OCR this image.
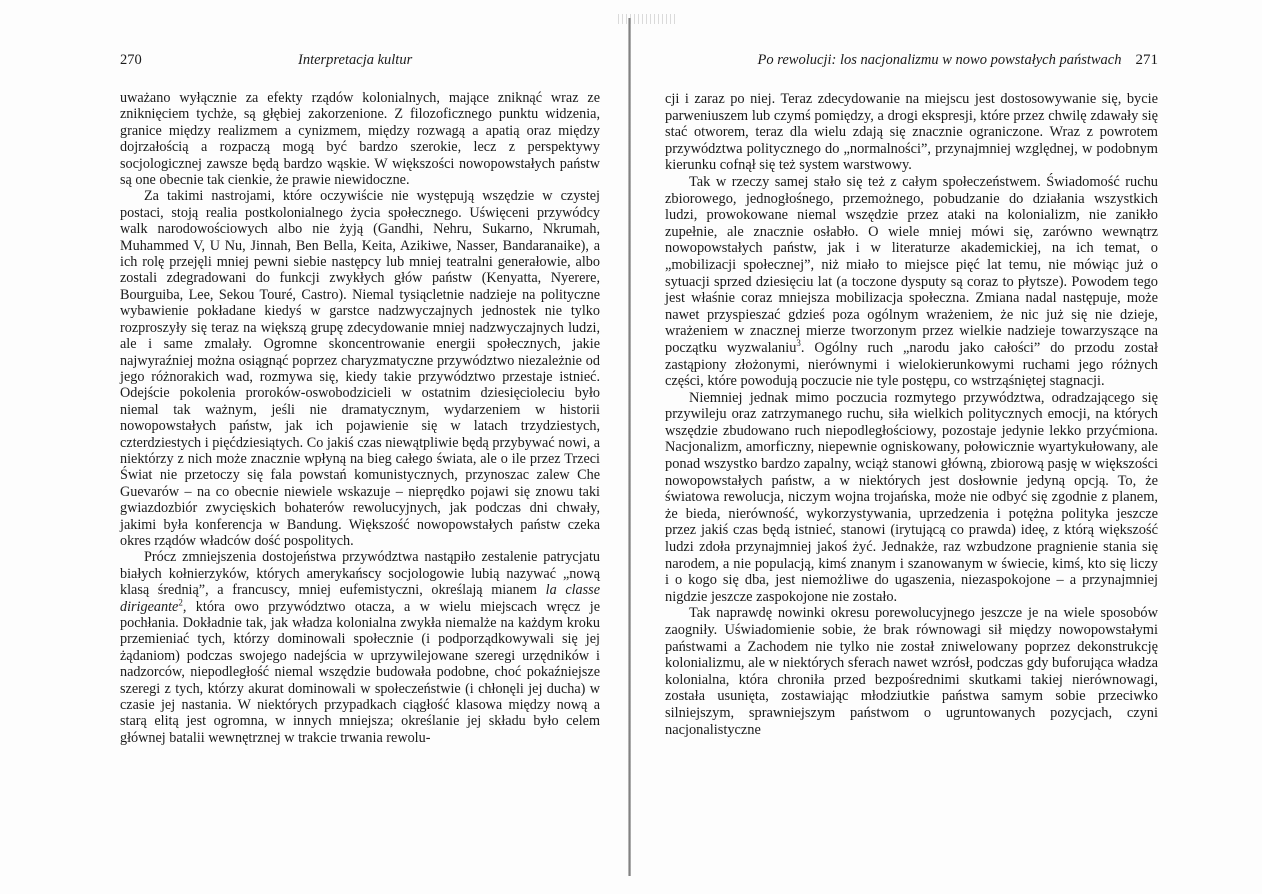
270	Interpretacja kultur

uważano wyłącznie za efekty rządów kolonialnych, mające zniknąć wraz ze zniknięciem tychże, są głębiej zakorzenione. Z filozoficznego punktu widzenia, granice między realizmem a cynizmem, między rozwagą a apatią oraz między dojrzałością a rozpaczą mogą być bardzo szerokie, lecz z perspektywy socjologicznej zawsze będą bardzo wąskie. W większości nowopowstałych państw są one obecnie tak cienkie, że prawie niewidoczne.

Za takimi nastrojami, które oczywiście nie występują wszędzie w czystej postaci, stoją realia postkolonialnego życia społecznego. Uświęceni przywódcy walk narodowościowych albo nie żyją (Gandhi, Nehru, Sukarno, Nkrumah, Muhammed V, U Nu, Jinnah, Ben Bella, Keita, Azikiwe, Nasser, Bandaranaike), a ich rolę przejęli mniej pewni siebie następcy lub mniej teatralni generałowie, albo zostali zdegradowani do funkcji zwykłych głów państw (Kenyatta, Nyerere, Bourguiba, Lee, Sekou Touré, Castro). Niemal tysiącletnie nadzieje na polityczne wybawienie pokładane kiedyś w garstce nadzwyczajnych jednostek nie tylko rozproszyły się teraz na większą grupę zdecydowanie mniej nadzwyczajnych ludzi, ale i same zmalały. Ogromne skoncentrowanie energii społecznych, jakie najwyraźniej można osiągnąć poprzez charyzmatyczne przywództwo niezależnie od jego różnorakich wad, rozmywa się, kiedy takie przywództwo przestaje istnieć. Odejście pokolenia proroków-oswobodzicieli w ostatnim dziesięcioleciu było niemal tak ważnym, jeśli nie dramatycznym, wydarzeniem w historii nowopowstałych państw, jak ich pojawienie się w latach trzydziestych, czterdziestych i pięćdziesiątych. Co jakiś czas niewątpliwie będą przybywać nowi, a niektórzy z nich może znacznie wpłyną na bieg całego świata, ale o ile przez Trzeci Świat nie przetoczy się fala powstań komunistycznych, przynoszac zalew Che Guevarów – na co obecnie niewiele wskazuje – nieprędko pojawi się znowu taki gwiazdozbiór zwycięskich bohaterów rewolucyjnych, jak podczas dni chwały, jakimi była konferencja w Bandung. Większość nowopowstałych państw czeka okres rządów władców dość pospolitych.

Prócz zmniejszenia dostojeństwa przywództwa nastąpiło zestalenie patrycjatu białych kołnierzyków, których amerykańscy socjologowie lubią nazywać „nową klasą średnią”, a francuscy, mniej eufemistyczni, określają mianem la classe dirigeante$^2$, która owo przywództwo otacza, a w wielu miejscach wręcz je pochłania. Dokładnie tak, jak władza kolonialna zwykła niemalże na każdym kroku przemieniać tych, którzy dominowali społecznie (i podporządkowywali się jej żądaniom) podczas swojego nadejścia w uprzywilejowane szeregi urzędników i nadzorców, niepodległość niemal wszędzie budowała podobne, choć pokaźniejsze szeregi z tych, którzy akurat dominowali w społeczeństwie (i chłonęli jej ducha) w czasie jej nastania. W niektórych przypadkach ciągłość klasowa między nową a starą elitą jest ogromna, w innych mniejsza; określanie jej składu było celem głównej batalii wewnętrznej w trakcie trwania rewolu-

Po rewolucji: los nacjonalizmu w nowo powstałych państwach 271

cji i zaraz po niej. Teraz zdecydowanie na miejscu jest dostosowywanie się, bycie parweniuszem lub czymś pomiędzy, a drogi ekspresji, które przez chwilę zdawały się stać otworem, teraz dla wielu zdają się znacznie ograniczone. Wraz z powrotem przywództwa politycznego do „normalności”, przynajmniej względnej, w podobnym kierunku cofnął się też system warstwowy.

Tak w rzeczy samej stało się też z całym społeczeństwem. Świadomość ruchu zbiorowego, jednogłośnego, przemożnego, pobudzanie do działania wszystkich ludzi, prowokowane niemal wszędzie przez ataki na kolonializm, nie zanikło zupełnie, ale znacznie osłabło. O wiele mniej mówi się, zarówno wewnątrz nowopowstałych państw, jak i w literaturze akademickiej, na ich temat, o „mobilizacji społecznej”, niż miało to miejsce pięć lat temu, nie mówiąc już o sytuacji sprzed dziesięciu lat (a toczone dysputy są coraz to płytsze). Powodem tego jest właśnie coraz mniejsza mobilizacja społeczna. Zmiana nadal następuje, może nawet przyspieszać gdzieś poza ogólnym wrażeniem, że nic już się nie dzieje, wrażeniem w znacznej mierze tworzonym przez wielkie nadzieje towarzyszące na początku wyzwalaniu$^3$. Ogólny ruch „narodu jako całości” do przodu został zastąpiony złożonymi, nierównymi i wielokierunkowymi ruchami jego różnych części, które powodują poczucie nie tyle postępu, co wstrząśniętej stagnacji.

Niemniej jednak mimo poczucia rozmytego przywództwa, odradzającego się przywileju oraz zatrzymanego ruchu, siła wielkich politycznych emocji, na których wszędzie zbudowano ruch niepodległościowy, pozostaje jedynie lekko przyćmiona. Nacjonalizm, amorficzny, niepewnie ogniskowany, połowicznie wyartykułowany, ale ponad wszystko bardzo zapalny, wciąż stanowi główną, zbiorową pasję w większości nowopowstałych państw, a w niektórych jest dosłownie jedyną opcją. To, że światowa rewolucja, niczym wojna trojańska, może nie odbyć się zgodnie z planem, że bieda, nierówność, wykorzystywania, uprzedzenia i potężna polityka jeszcze przez jakiś czas będą istnieć, stanowi (irytującą co prawda) ideę, z którą większość ludzi zdoła przynajmniej jakoś żyć. Jednakże, raz wzbudzone pragnienie stania się narodem, a nie populacją, kimś znanym i szanowanym w świecie, kimś, kto się liczy i o kogo się dba, jest niemożliwe do ugaszenia, niezaspokojone – a przynajmniej nigdzie jeszcze zaspokojone nie zostało.

Tak naprawdę nowinki okresu porewolucyjnego jeszcze je na wiele sposobów zaogniły. Uświadomienie sobie, że brak równowagi sił między nowopowstałymi państwami a Zachodem nie tylko nie został zniwelowany poprzez dekonstrukcję kolonializmu, ale w niektórych sferach nawet wzrósł, podczas gdy buforująca władza kolonialna, która chroniła przed bezpośrednimi skutkami takiej nierównowagi, została usunięta, zostawiając młodziutkie państwa samym sobie przeciwko silniejszym, sprawniejszym państwom o ugruntowanych pozycjach, czyni nacjonalistyczne
